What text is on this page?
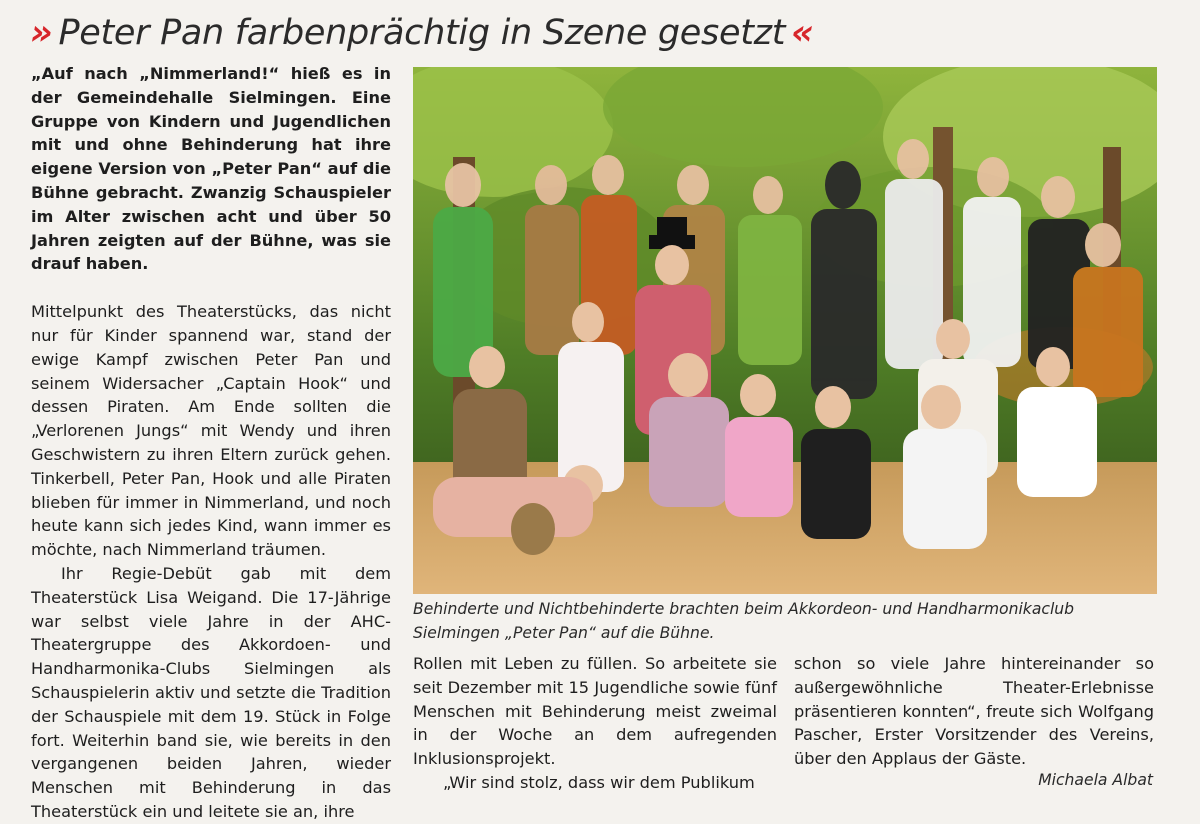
» Peter Pan farbenprächtig in Szene gesetzt «

„Auf nach „Nimmerland!“ hieß es in der Gemeindehalle Sielmingen. Eine Gruppe von Kindern und Jugendlichen mit und ohne Behinderung hat ihre eigene Version von „Peter Pan“ auf die Bühne gebracht. Zwanzig Schauspieler im Alter zwischen acht und über 50 Jahren zeigten auf der Bühne, was sie drauf haben.

Mittelpunkt des Theaterstücks, das nicht nur für Kinder spannend war, stand der ewige Kampf zwischen Peter Pan und seinem Widersacher „Captain Hook“ und dessen Piraten. Am Ende sollten die „Verlorenen Jungs“ mit Wendy und ihren Geschwistern zu ihren Eltern zurück gehen. Tinkerbell, Peter Pan, Hook und alle Piraten blieben für immer in Nimmerland, und noch heute kann sich jedes Kind, wann immer es möchte, nach Nimmerland träumen.

Ihr Regie-Debüt gab mit dem Theaterstück Lisa Weigand. Die 17-Jährige war selbst viele Jahre in der AHC-Theatergruppe des Akkordoen- und Handharmonika-Clubs Sielmingen als Schauspielerin aktiv und setzte die Tradition der Schauspiele mit dem 19. Stück in Folge fort. Weiterhin band sie, wie bereits in den vergangenen beiden Jahren, wieder Menschen mit Behinderung in das Theaterstück ein und leitete sie an, ihre

Behinderte und Nichtbehinderte brachten beim Akkordeon- und Handharmonikaclub Sielmingen „Peter Pan“ auf die Bühne.

Rollen mit Leben zu füllen. So arbeitete sie seit Dezember mit 15 Jugendliche sowie fünf Menschen mit Behinderung meist zweimal in der Woche an dem aufregenden Inklusionsprojekt.

„Wir sind stolz, dass wir dem Publikum

schon so viele Jahre hintereinander so außergewöhnliche Theater-Erlebnisse präsentieren konnten“, freute sich Wolfgang Pascher, Erster Vorsitzender des Vereins, über den Applaus der Gäste.

Michaela Albat
